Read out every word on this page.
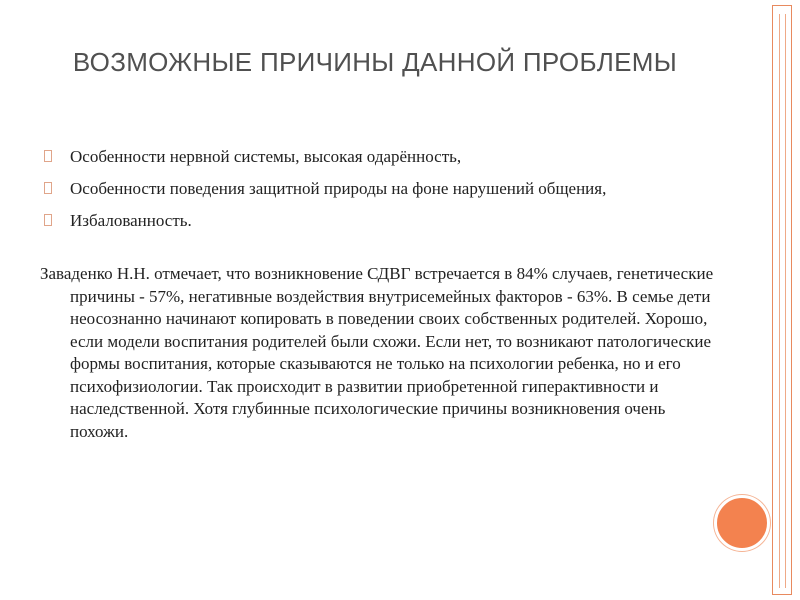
ВОЗМОЖНЫЕ ПРИЧИНЫ ДАННОЙ ПРОБЛЕМЫ
Особенности нервной системы, высокая одарённость,
Особенности поведения защитной природы на фоне нарушений общения,
Избалованность.

Заваденко Н.Н. отмечает, что возникновение СДВГ встречается в 84% случаев, генетические причины - 57%, негативные воздействия внутрисемейных факторов - 63%. В семье дети неосознанно начинают копировать в поведении своих собственных родителей. Хорошо, если модели воспитания родителей были схожи. Если нет, то возникают патологические формы воспитания, которые сказываются не только на психологии ребенка, но и его психофизиологии. Так происходит в развитии приобретенной гиперактивности и наследственной. Хотя глубинные психологические причины возникновения очень похожи.
